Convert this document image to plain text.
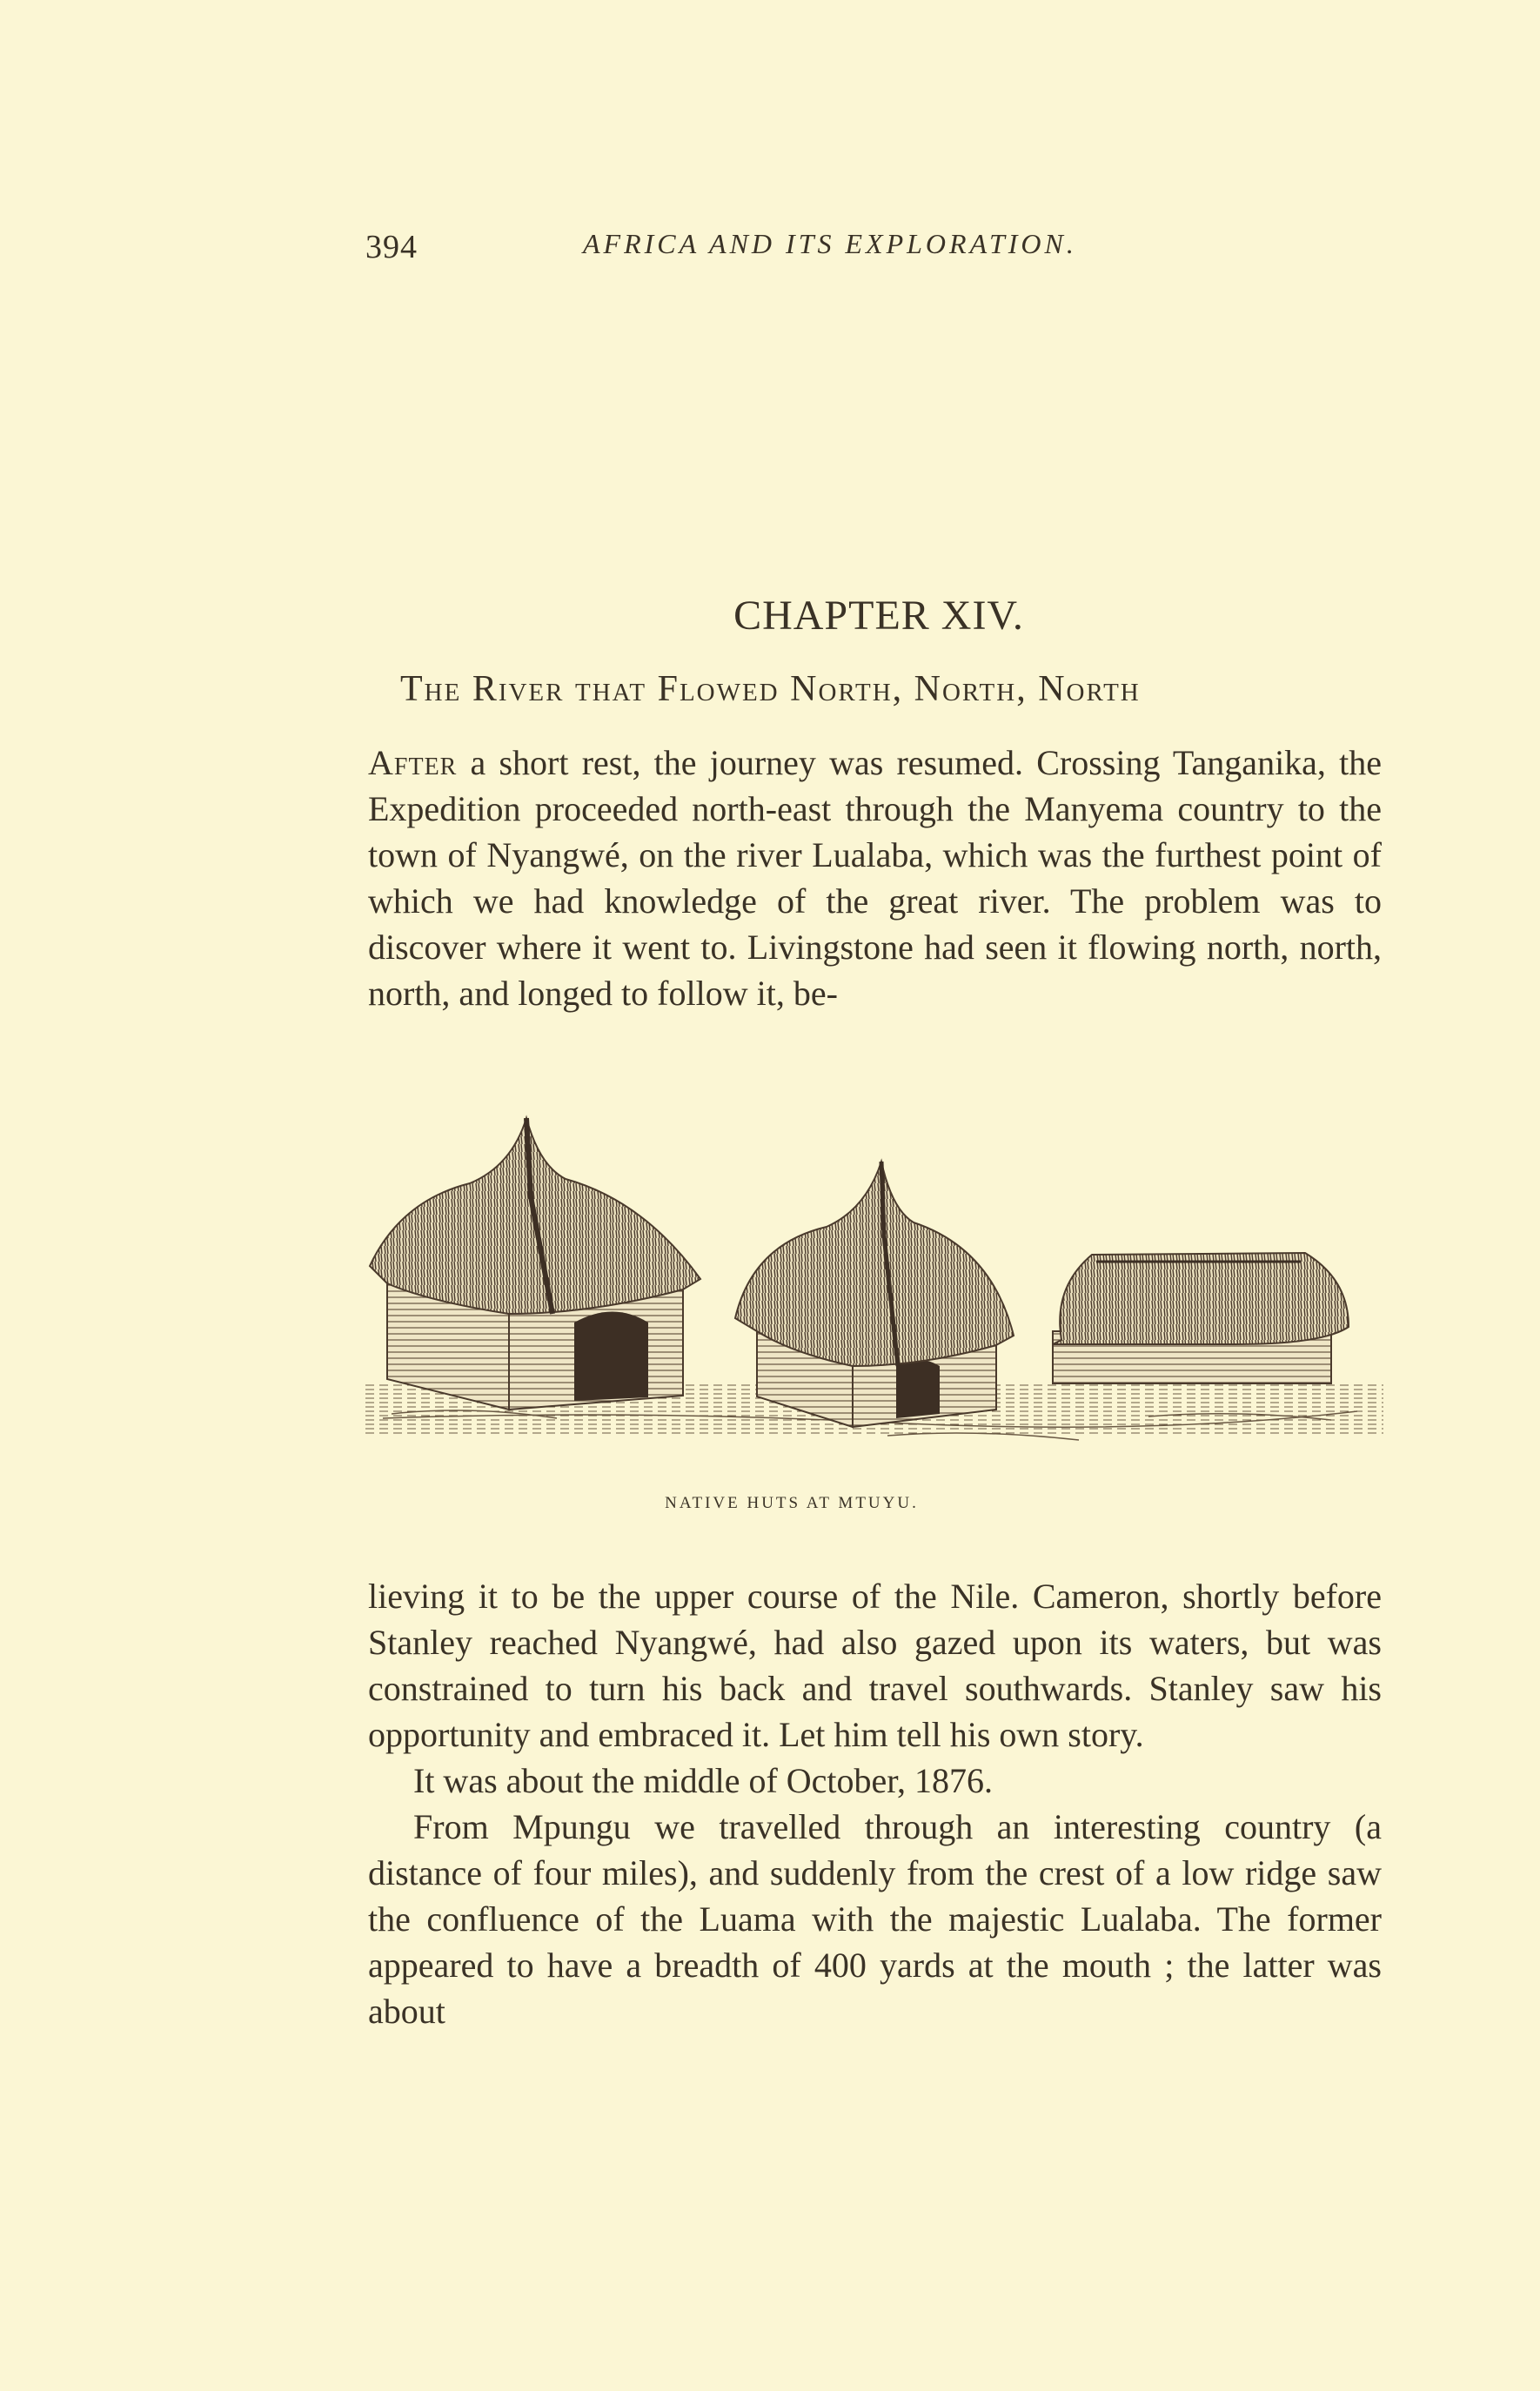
394	AFRICA AND ITS EXPLORATION.
CHAPTER XIV.
The River that Flowed North, North, North

After a short rest, the journey was resumed. Crossing Tanganika, the Expedition proceeded north-east through the Manyema country to the town of Nyangwé, on the river Lualaba, which was the furthest point of which we had knowledge of the great river. The problem was to discover where it went to. Livingstone had seen it flowing north, north, north, and longed to follow it, be-

NATIVE HUTS AT MTUYU.

lieving it to be the upper course of the Nile. Cameron, shortly before Stanley reached Nyangwé, had also gazed upon its waters, but was constrained to turn his back and travel southwards. Stanley saw his opportunity and embraced it. Let him tell his own story.

It was about the middle of October, 1876.

From Mpungu we travelled through an interesting country (a distance of four miles), and suddenly from the crest of a low ridge saw the confluence of the Luama with the majestic Lualaba. The former appeared to have a breadth of 400 yards at the mouth ; the latter was about
